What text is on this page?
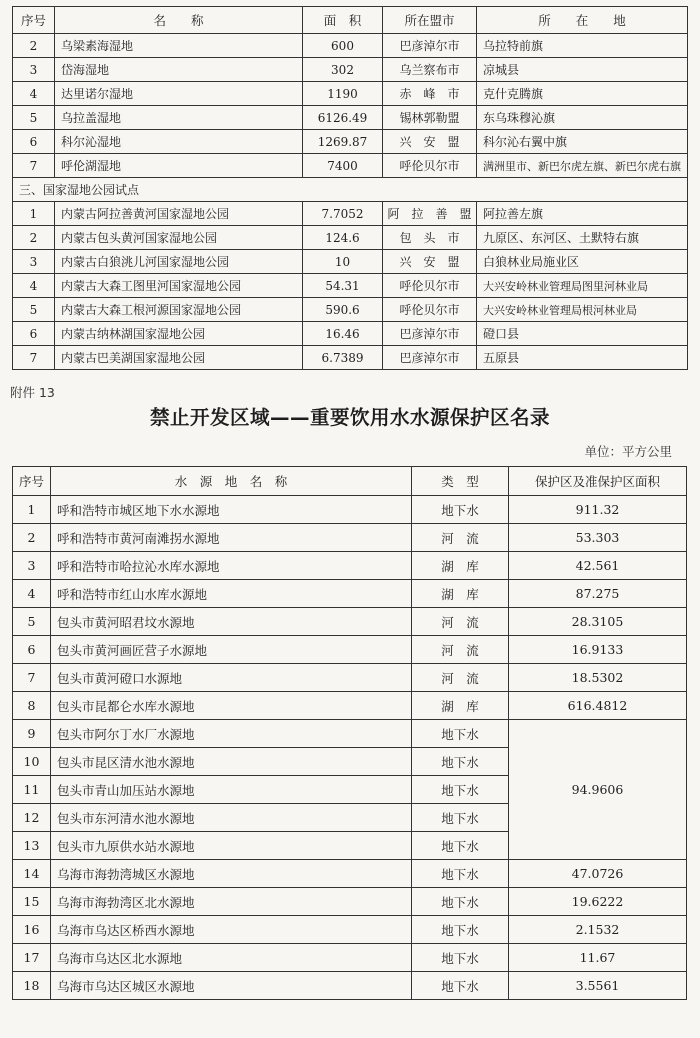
序号	名　　称	面　积	所在盟市	所　　在　　地
2	乌梁素海湿地	600	巴彦淖尔市	乌拉特前旗
3	岱海湿地	302	乌兰察布市	凉城县
4	达里诺尔湿地	1190	赤　峰　市	克什克腾旗
5	乌拉盖湿地	6126.49	锡林郭勒盟	东乌珠穆沁旗
6	科尔沁湿地	1269.87	兴　安　盟	科尔沁右翼中旗
7	呼伦湖湿地	7400	呼伦贝尔市	满洲里市、新巴尔虎左旗、新巴尔虎右旗
三、国家湿地公园试点				
1	内蒙古阿拉善黄河国家湿地公园	7.7052	阿　拉　善　盟	阿拉善左旗
2	内蒙古包头黄河国家湿地公园	124.6	包　头　市	九原区、东河区、土默特右旗
3	内蒙古白狼洮儿河国家湿地公园	10	兴　安　盟	白狼林业局施业区
4	内蒙古大森工图里河国家湿地公园	54.31	呼伦贝尔市	大兴安岭林业管理局图里河林业局
5	内蒙古大森工根河源国家湿地公园	590.6	呼伦贝尔市	大兴安岭林业管理局根河林业局
6	内蒙古纳林湖国家湿地公园	16.46	巴彦淖尔市	磴口县
7	内蒙古巴美湖国家湿地公园	6.7389	巴彦淖尔市	五原县
附件 13
禁止开发区域——重要饮用水水源保护区名录
单位：平方公里
序号	水　源　地　名　称	类　型	保护区及准保护区面积
1	呼和浩特市城区地下水水源地	地下水	911.32
2	呼和浩特市黄河南滩拐水源地	河　流	53.303
3	呼和浩特市哈拉沁水库水源地	湖　库	42.561
4	呼和浩特市红山水库水源地	湖　库	87.275
5	包头市黄河昭君坟水源地	河　流	28.3105
6	包头市黄河画匠营子水源地	河　流	16.9133
7	包头市黄河磴口水源地	河　流	18.5302
8	包头市昆都仑水库水源地	湖　库	616.4812
9	包头市阿尔丁水厂水源地	地下水	94.9606
10	包头市昆区清水池水源地	地下水	
11	包头市青山加压站水源地	地下水	
12	包头市东河清水池水源地	地下水	
13	包头市九原供水站水源地	地下水	
14	乌海市海勃湾城区水源地	地下水	47.0726
15	乌海市海勃湾区北水源地	地下水	19.6222
16	乌海市乌达区桥西水源地	地下水	2.1532
17	乌海市乌达区北水源地	地下水	11.67
18	乌海市乌达区城区水源地	地下水	3.5561
